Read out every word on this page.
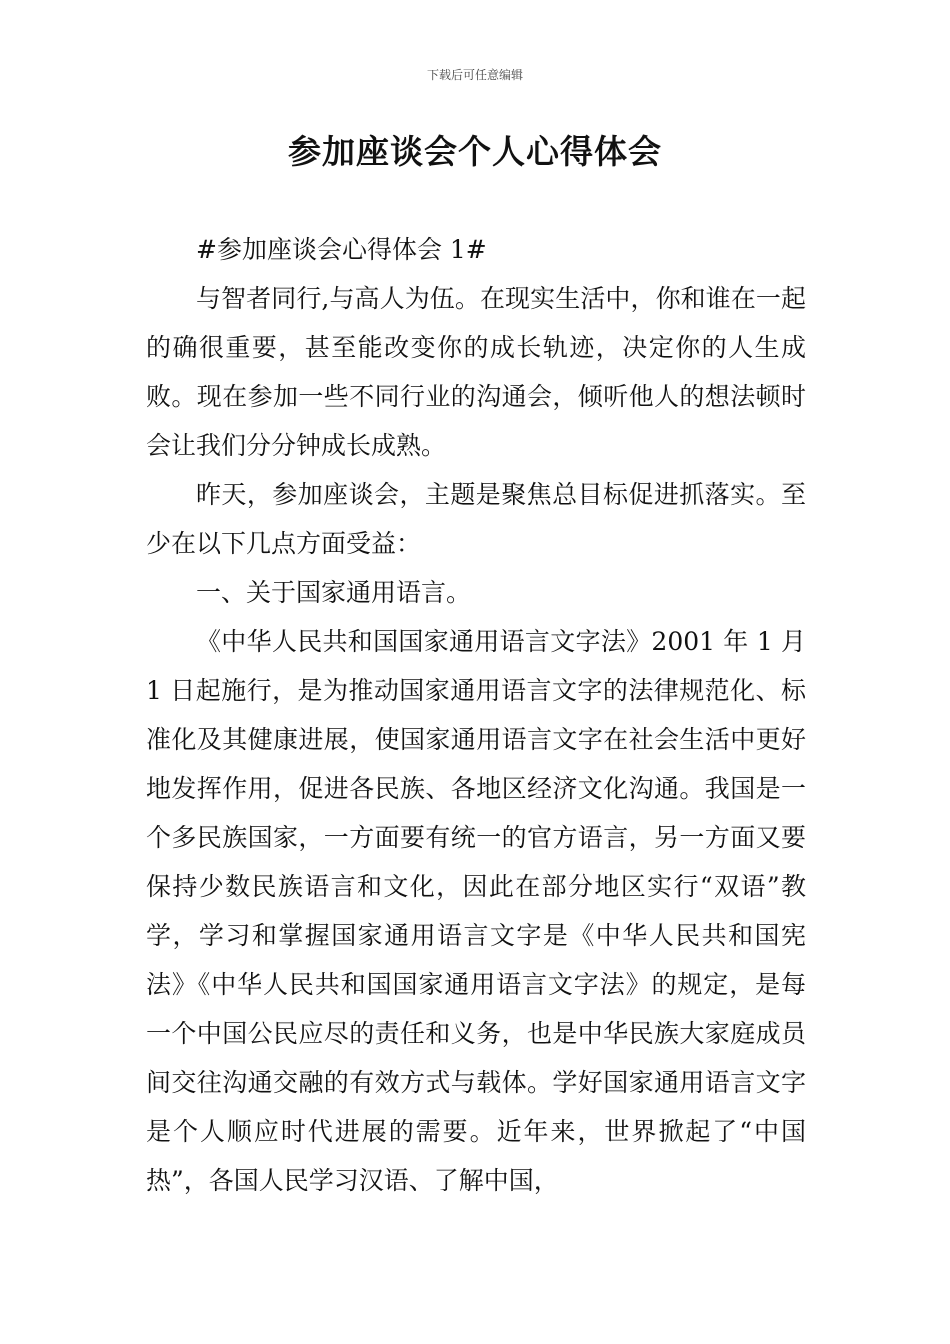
下载后可任意编辑
参加座谈会个人心得体会

#参加座谈会心得体会 1#

与智者同行,与高人为伍。在现实生活中，你和谁在一起的确很重要，甚至能改变你的成长轨迹，决定你的人生成败。现在参加一些不同行业的沟通会，倾听他人的想法顿时会让我们分分钟成长成熟。

昨天，参加座谈会，主题是聚焦总目标促进抓落实。至少在以下几点方面受益：

一、关于国家通用语言。

《中华人民共和国国家通用语言文字法》2001 年 1 月 1 日起施行，是为推动国家通用语言文字的法律规范化、标准化及其健康进展，使国家通用语言文字在社会生活中更好地发挥作用，促进各民族、各地区经济文化沟通。我国是一个多民族国家，一方面要有统一的官方语言，另一方面又要保持少数民族语言和文化，因此在部分地区实行“双语”教学，学习和掌握国家通用语言文字是《中华人民共和国宪法》《中华人民共和国国家通用语言文字法》的规定，是每一个中国公民应尽的责任和义务，也是中华民族大家庭成员间交往沟通交融的有效方式与载体。学好国家通用语言文字是个人顺应时代进展的需要。近年来，世界掀起了“中国热”，各国人民学习汉语、了解中国，
